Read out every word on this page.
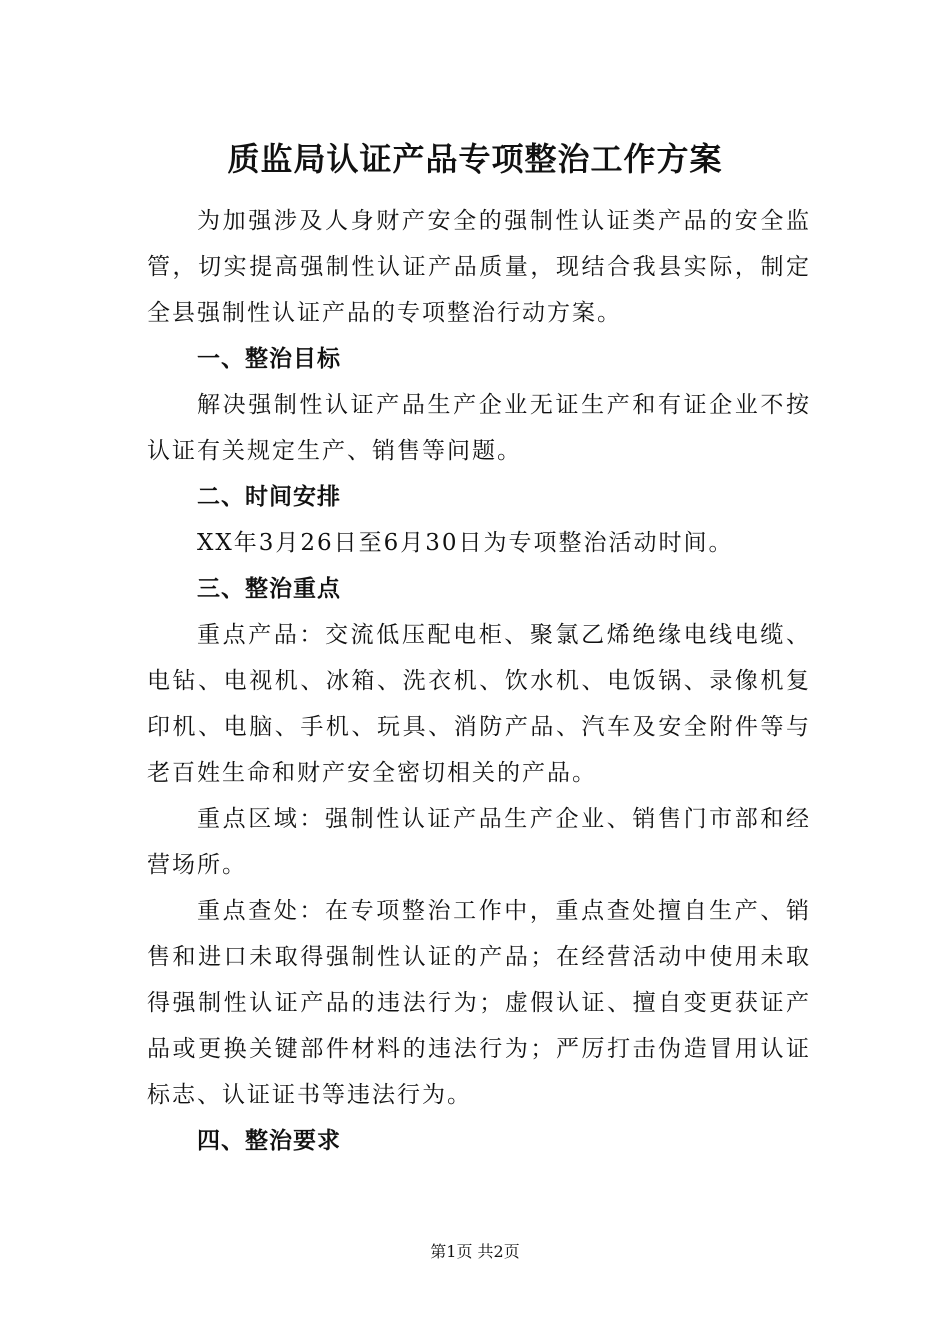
质监局认证产品专项整治工作方案

为加强涉及人身财产安全的强制性认证类产品的安全监管，切实提高强制性认证产品质量，现结合我县实际，制定全县强制性认证产品的专项整治行动方案。

一、整治目标

解决强制性认证产品生产企业无证生产和有证企业不按认证有关规定生产、销售等问题。

二、时间安排

XX年3月26日至6月30日为专项整治活动时间。

三、整治重点

重点产品：交流低压配电柜、聚氯乙烯绝缘电线电缆、电钻、电视机、冰箱、洗衣机、饮水机、电饭锅、录像机复印机、电脑、手机、玩具、消防产品、汽车及安全附件等与老百姓生命和财产安全密切相关的产品。

重点区域：强制性认证产品生产企业、销售门市部和经营场所。

重点查处：在专项整治工作中，重点查处擅自生产、销售和进口未取得强制性认证的产品；在经营活动中使用未取得强制性认证产品的违法行为；虚假认证、擅自变更获证产品或更换关键部件材料的违法行为；严厉打击伪造冒用认证标志、认证证书等违法行为。

四、整治要求

第1页 共2页
